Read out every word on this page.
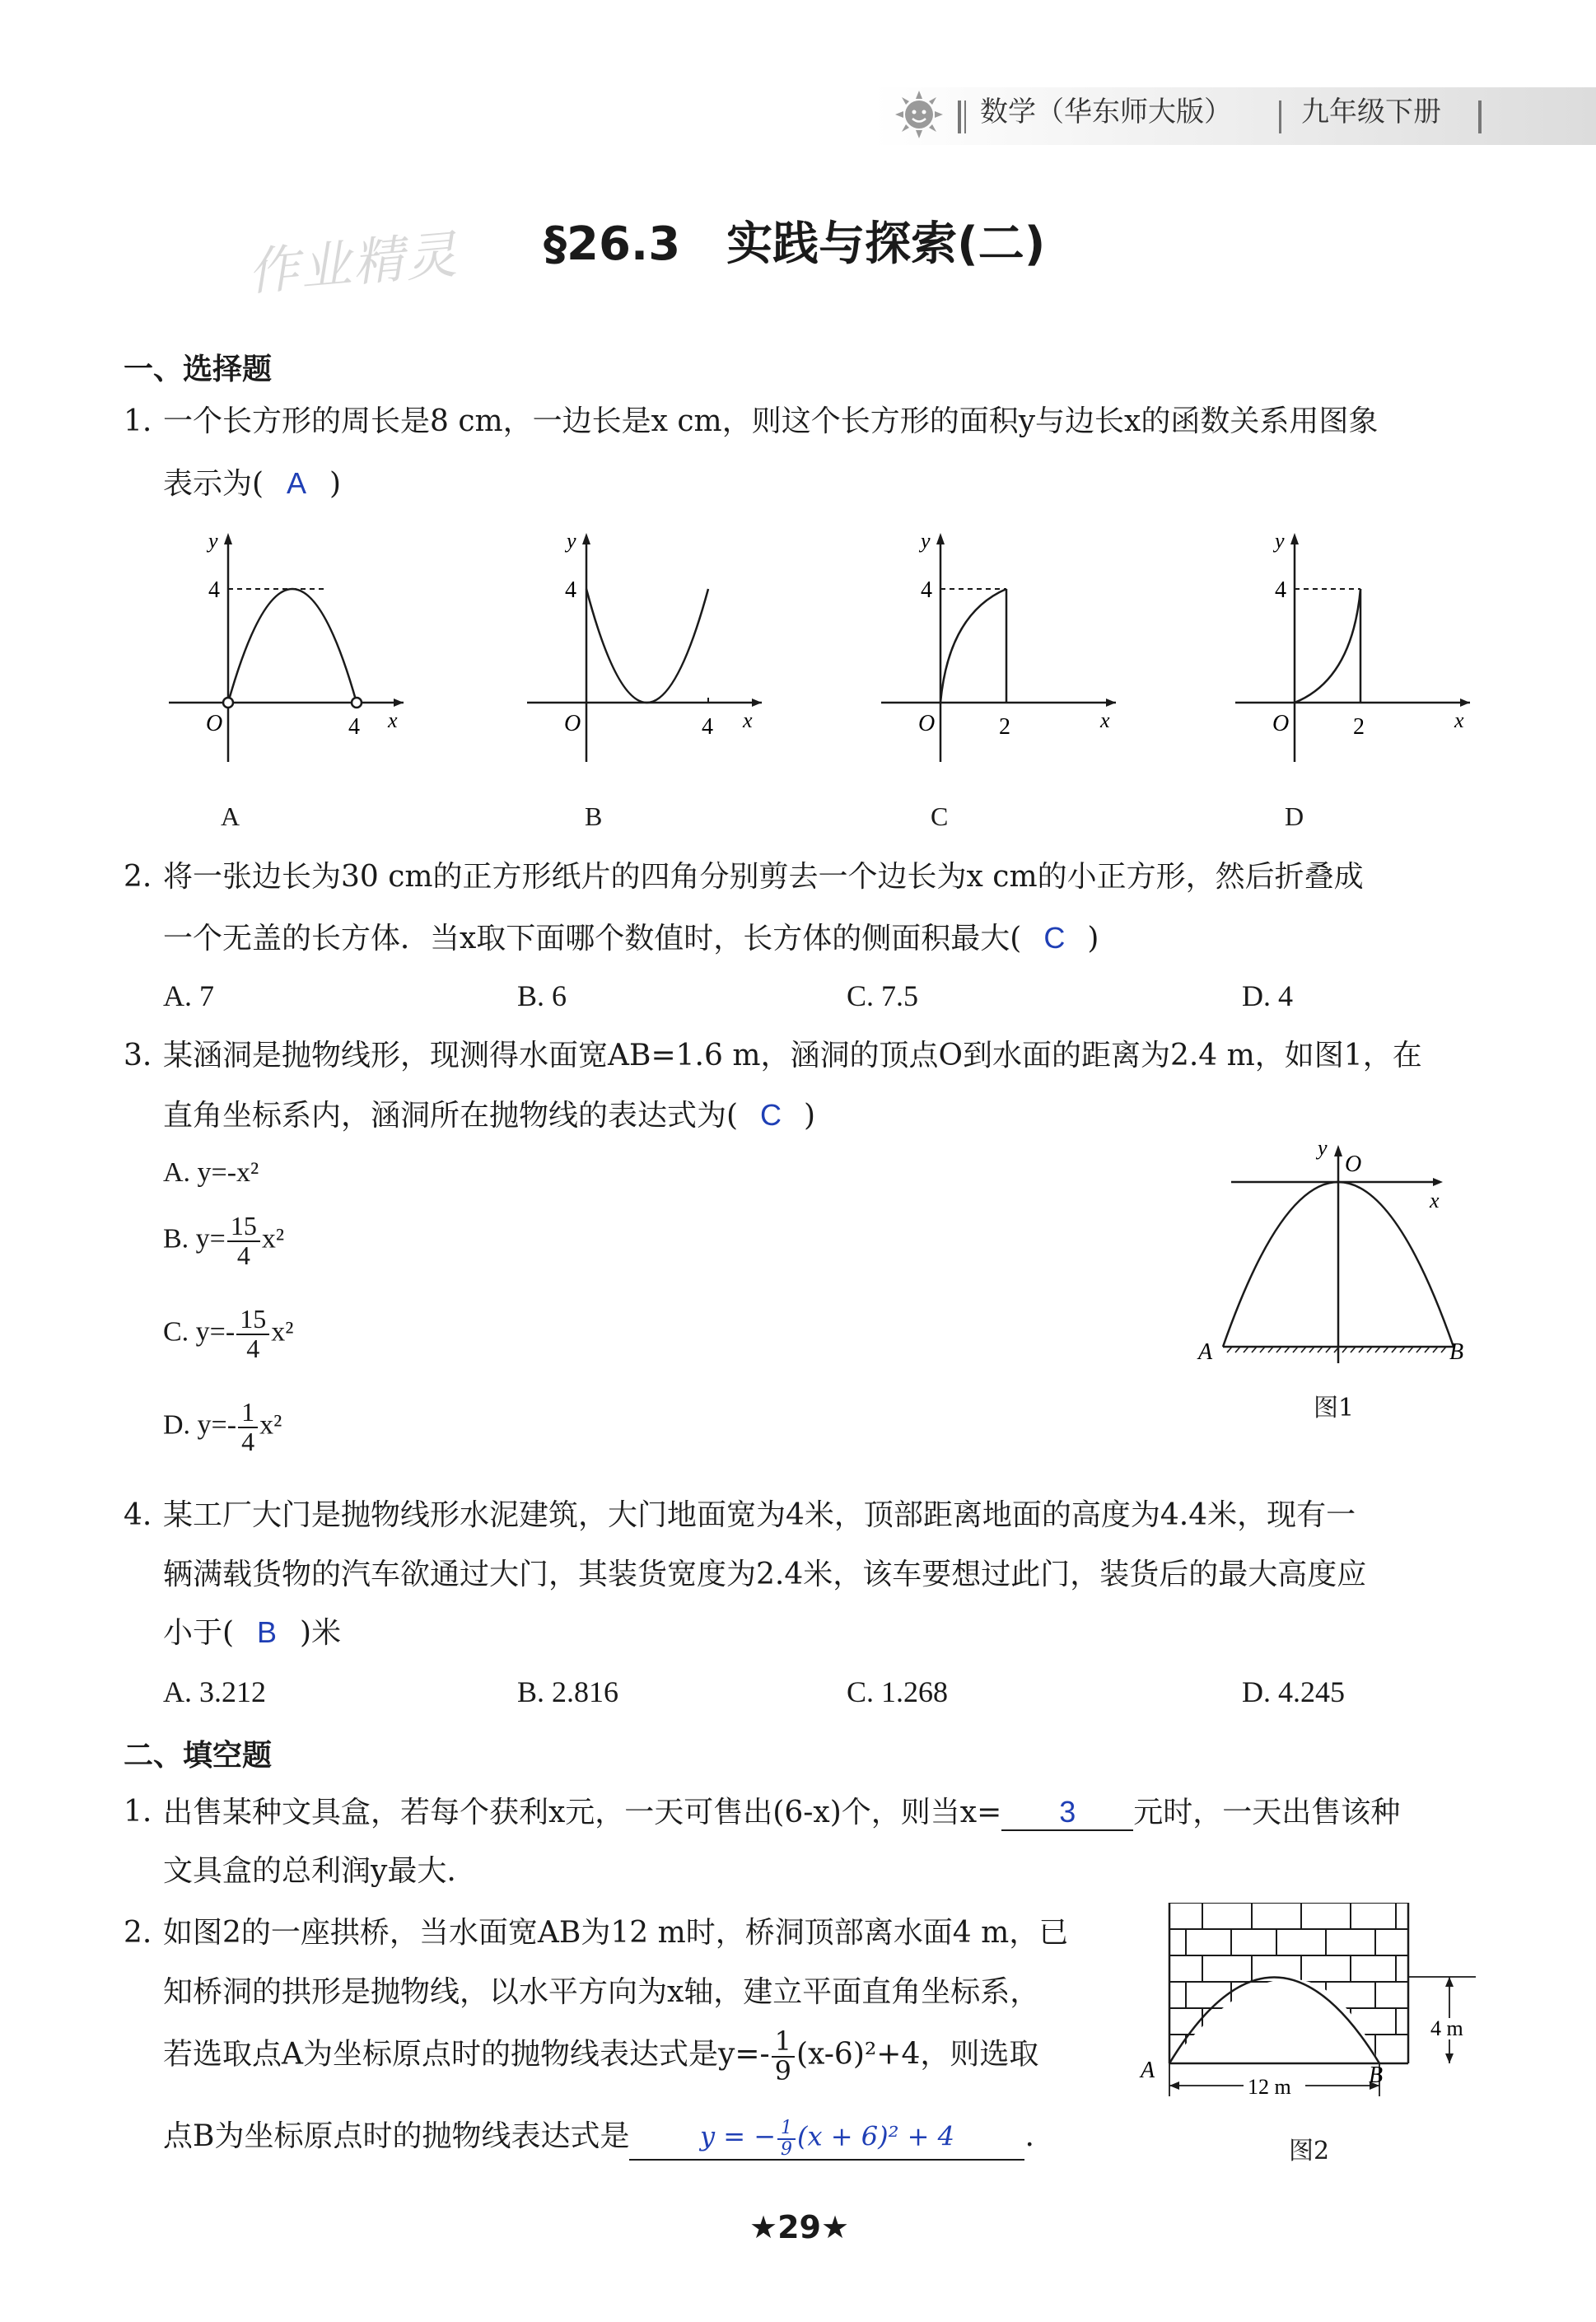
数学（华东师大版） 九年级下册
作业精灵 §26.3　实践与探索(二)
一、选择题
1. 一个长方形的周长是8 cm，一边长是x cm，则这个长方形的面积y与边长x的函数关系用图象
表示为( A )
y
4
O	4 x
y
4
O	4 x
y
4
O	2	x
y
4
O	2	x
A	B	C	D
2. 将一张边长为30 cm的正方形纸片的四角分别剪去一个边长为x cm的小正方形，然后折叠成
一个无盖的长方体．当x取下面哪个数值时，长方体的侧面积最大( C )
A. 7	B. 6	C. 7.5	D. 4
3. 某涵洞是抛物线形，现测得水面宽AB=1.6 m，涵洞的顶点O到水面的距离为2.4 m，如图1，在
直角坐标系内，涵洞所在抛物线的表达式为( C )
A. y=-x²
B. $y= \frac{15}{4} x^2$
C. $y=- \frac{15}{4} x^2$
D. $y=- \frac{1}{4} x^2$
y
O
x
A	B
图1
4. 某工厂大门是抛物线形水泥建筑，大门地面宽为4米，顶部距离地面的高度为4.4米，现有一
辆满载货物的汽车欲通过大门，其装货宽度为2.4米，该车要想过此门，装货后的最大高度应
小于( B )米
A. 3.212	B. 2.816	C. 1.268	D. 4.245
二、填空题
1. 出售某种文具盒，若每个获利x元，一天可售出(6-x)个，则当x= 3 元时，一天出售该种
文具盒的总利润y最大.
2. 如图2的一座拱桥，当水面宽AB为12 m时，桥洞顶部离水面4 m，已
知桥洞的拱形是抛物线，以水平方向为x轴，建立平面直角坐标系，
若选取点A为坐标原点时的抛物线表达式是$y=- \frac{1}{9} (x-6)^2+4$，则选取
点B为坐标原点时的抛物线表达式是	y = − $\frac{1}{9} (x + 6)^2 + 4$ .
4 m
12 m
A	B
图2
★29★
